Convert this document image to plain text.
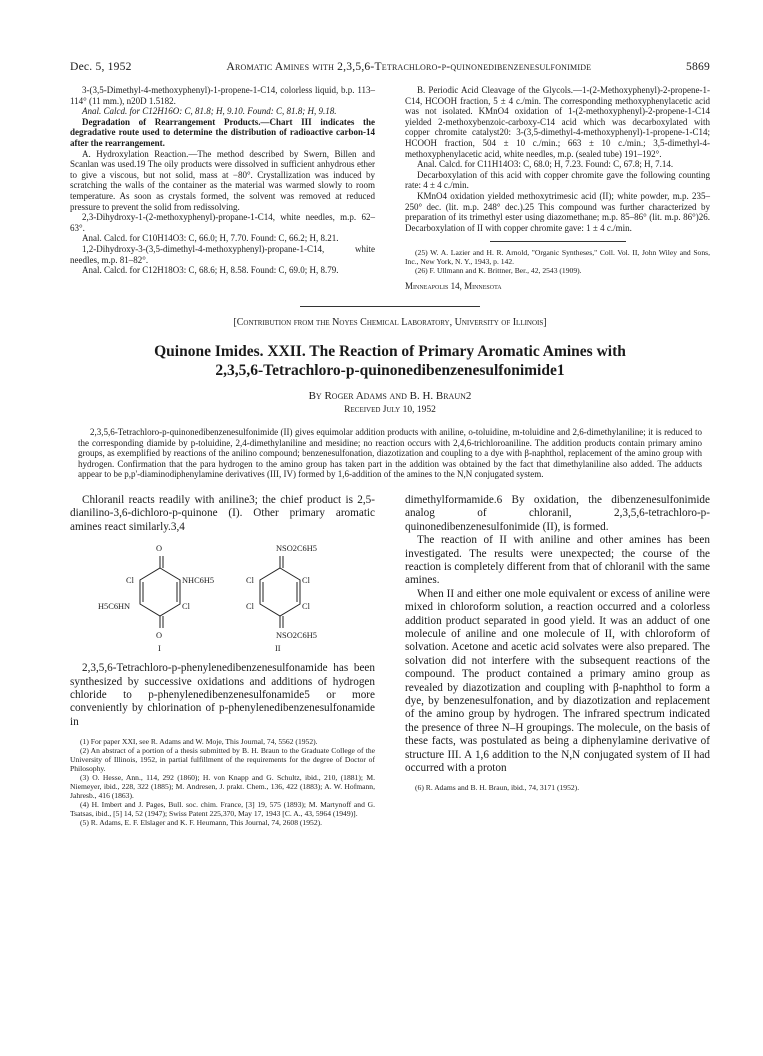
Dec. 5, 1952	Aromatic Amines with 2,3,5,6-Tetrachloro-p-quinonedibenzenesulfonimide	5869

3-(3,5-Dimethyl-4-methoxyphenyl)-1-propene-1-C14, colorless liquid, b.p. 113–114° (11 mm.), n20D 1.5182.

Anal. Calcd. for C12H16O: C, 81.8; H, 9.10. Found: C, 81.8; H, 9.18.

Degradation of Rearrangement Products.—Chart III indicates the degradative route used to determine the distribution of radioactive carbon-14 after the rearrangement.

A. Hydroxylation Reaction.—The method described by Swern, Billen and Scanlan was used.19 The oily products were dissolved in sufficient anhydrous ether to give a viscous, but not solid, mass at −80°. Crystallization was induced by scratching the walls of the container as the material was warmed slowly to room temperature. As soon as crystals formed, the solvent was removed at reduced pressure to prevent the solid from redissolving.

2,3-Dihydroxy-1-(2-methoxyphenyl)-propane-1-C14, white needles, m.p. 62–63°.

Anal. Calcd. for C10H14O3: C, 66.0; H, 7.70. Found: C, 66.2; H, 8.21.

1,2-Dihydroxy-3-(3,5-dimethyl-4-methoxyphenyl)-propane-1-C14, white needles, m.p. 81–82°.

Anal. Calcd. for C12H18O3: C, 68.6; H, 8.58. Found: C, 69.0; H, 8.79.

B. Periodic Acid Cleavage of the Glycols.—1-(2-Methoxyphenyl)-2-propene-1-C14, HCOOH fraction, 5 ± 4 c./min. The corresponding methoxyphenylacetic acid was not isolated. KMnO4 oxidation of 1-(2-methoxyphenyl)-2-propene-1-C14 yielded 2-methoxybenzoic-carboxy-C14 acid which was decarboxylated with copper chromite catalyst20: 3-(3,5-dimethyl-4-methoxyphenyl)-1-propene-1-C14; HCOOH fraction, 504 ± 10 c./min.; 663 ± 10 c./min.; 3,5-dimethyl-4-methoxyphenylacetic acid, white needles, m.p. (sealed tube) 191–192°.

Anal. Calcd. for C11H14O3: C, 68.0; H, 7.23. Found: C, 67.8; H, 7.14.

Decarboxylation of this acid with copper chromite gave the following counting rate: 4 ± 4 c./min.

KMnO4 oxidation yielded methoxytrimesic acid (II); white powder, m.p. 235–250° dec. (lit. m.p. 248° dec.).25 This compound was further characterized by preparation of its trimethyl ester using diazomethane; m.p. 85–86° (lit. m.p. 86°)26. Decarboxylation of II with copper chromite gave: 1 ± 4 c./min.

(25) W. A. Lazier and H. R. Arnold, "Organic Syntheses," Coll. Vol. II, John Wiley and Sons, Inc., New York, N. Y., 1943, p. 142.

(26) F. Ullmann and K. Brittner, Ber., 42, 2543 (1909).

Minneapolis 14, Minnesota

[Contribution from the Noyes Chemical Laboratory, University of Illinois]
Quinone Imides. XXII. The Reaction of Primary Aromatic Amines with
2,3,5,6-Tetrachloro-p-quinonedibenzenesulfonimide1
By Roger Adams and B. H. Braun2
Received July 10, 1952
2,3,5,6-Tetrachloro-p-quinonedibenzenesulfonimide (II) gives equimolar addition products with aniline, o-toluidine, m-toluidine and 2,6-dimethylaniline; it is reduced to the corresponding diamide by p-toluidine, 2,4-dimethylaniline and mesidine; no reaction occurs with 2,4,6-trichloroaniline. The addition products contain primary amino groups, as exemplified by reactions of the anilino compound; benzenesulfonation, diazotization and coupling to a dye with β-naphthol, replacement of the amino group with hydrogen. Confirmation that the para hydrogen to the amino group has taken part in the addition was obtained by the fact that dimethylaniline also added. The adducts appear to be p,p'-diaminodiphenylamine derivatives (III, IV) formed by 1,6-addition of the amines to the N,N conjugated system.

Chloranil reacts readily with aniline3; the chief product is 2,5-dianilino-3,6-dichloro-p-quinone (I). Other primary aromatic amines react similarly.3,4

O
Cl	NHC6H5
H5C6HN	Cl
O
I
NSO2C6H5
Cl	Cl
Cl	Cl
NSO2C6H5
II

2,3,5,6-Tetrachloro-p-phenylenedibenzenesulfonamide has been synthesized by successive oxidations and additions of hydrogen chloride to p-phenylenedibenzenesulfonamide5 or more conveniently by chlorination of p-phenylenedibenzenesulfonamide in

(1) For paper XXI, see R. Adams and W. Moje, This Journal, 74, 5562 (1952).

(2) An abstract of a portion of a thesis submitted by B. H. Braun to the Graduate College of the University of Illinois, 1952, in partial fulfillment of the requirements for the degree of Doctor of Philosophy.

(3) O. Hesse, Ann., 114, 292 (1860); H. von Knapp and G. Schultz, ibid., 210, (1881); M. Niemeyer, ibid., 228, 322 (1885); M. Andresen, J. prakt. Chem., 136, 422 (1883); A. W. Hofmann, Jahresb., 416 (1863).

(4) H. Imbert and J. Pages, Bull. soc. chim. France, [3] 19, 575 (1893); M. Martynoff and G. Tsatsas, ibid., [5] 14, 52 (1947); Swiss Patent 225,370, May 17, 1943 [C. A., 43, 5964 (1949)].

(5) R. Adams, E. F. Elslager and K. F. Heumann, This Journal, 74, 2608 (1952).

dimethylformamide.6 By oxidation, the dibenzenesulfonimide analog of chloranil, 2,3,5,6-tetrachloro-p-quinonedibenzenesulfonimide (II), is formed.

The reaction of II with aniline and other amines has been investigated. The results were unexpected; the course of the reaction is completely different from that of chloranil with the same amines.

When II and either one mole equivalent or excess of aniline were mixed in chloroform solution, a reaction occurred and a colorless addition product separated in good yield. It was an adduct of one molecule of aniline and one molecule of II, with chloroform of solvation. Acetone and acetic acid solvates were also prepared. The solvation did not interfere with the subsequent reactions of the compound. The product contained a primary amino group as revealed by diazotization and coupling with β-naphthol to form a dye, by benzenesulfonation, and by diazotization and replacement of the amino group by hydrogen. The infrared spectrum indicated the presence of three N–H groupings. The molecule, on the basis of these facts, was postulated as being a diphenylamine derivative of structure III. A 1,6 addition to the N,N conjugated system of II had occurred with a proton

(6) R. Adams and B. H. Braun, ibid., 74, 3171 (1952).
